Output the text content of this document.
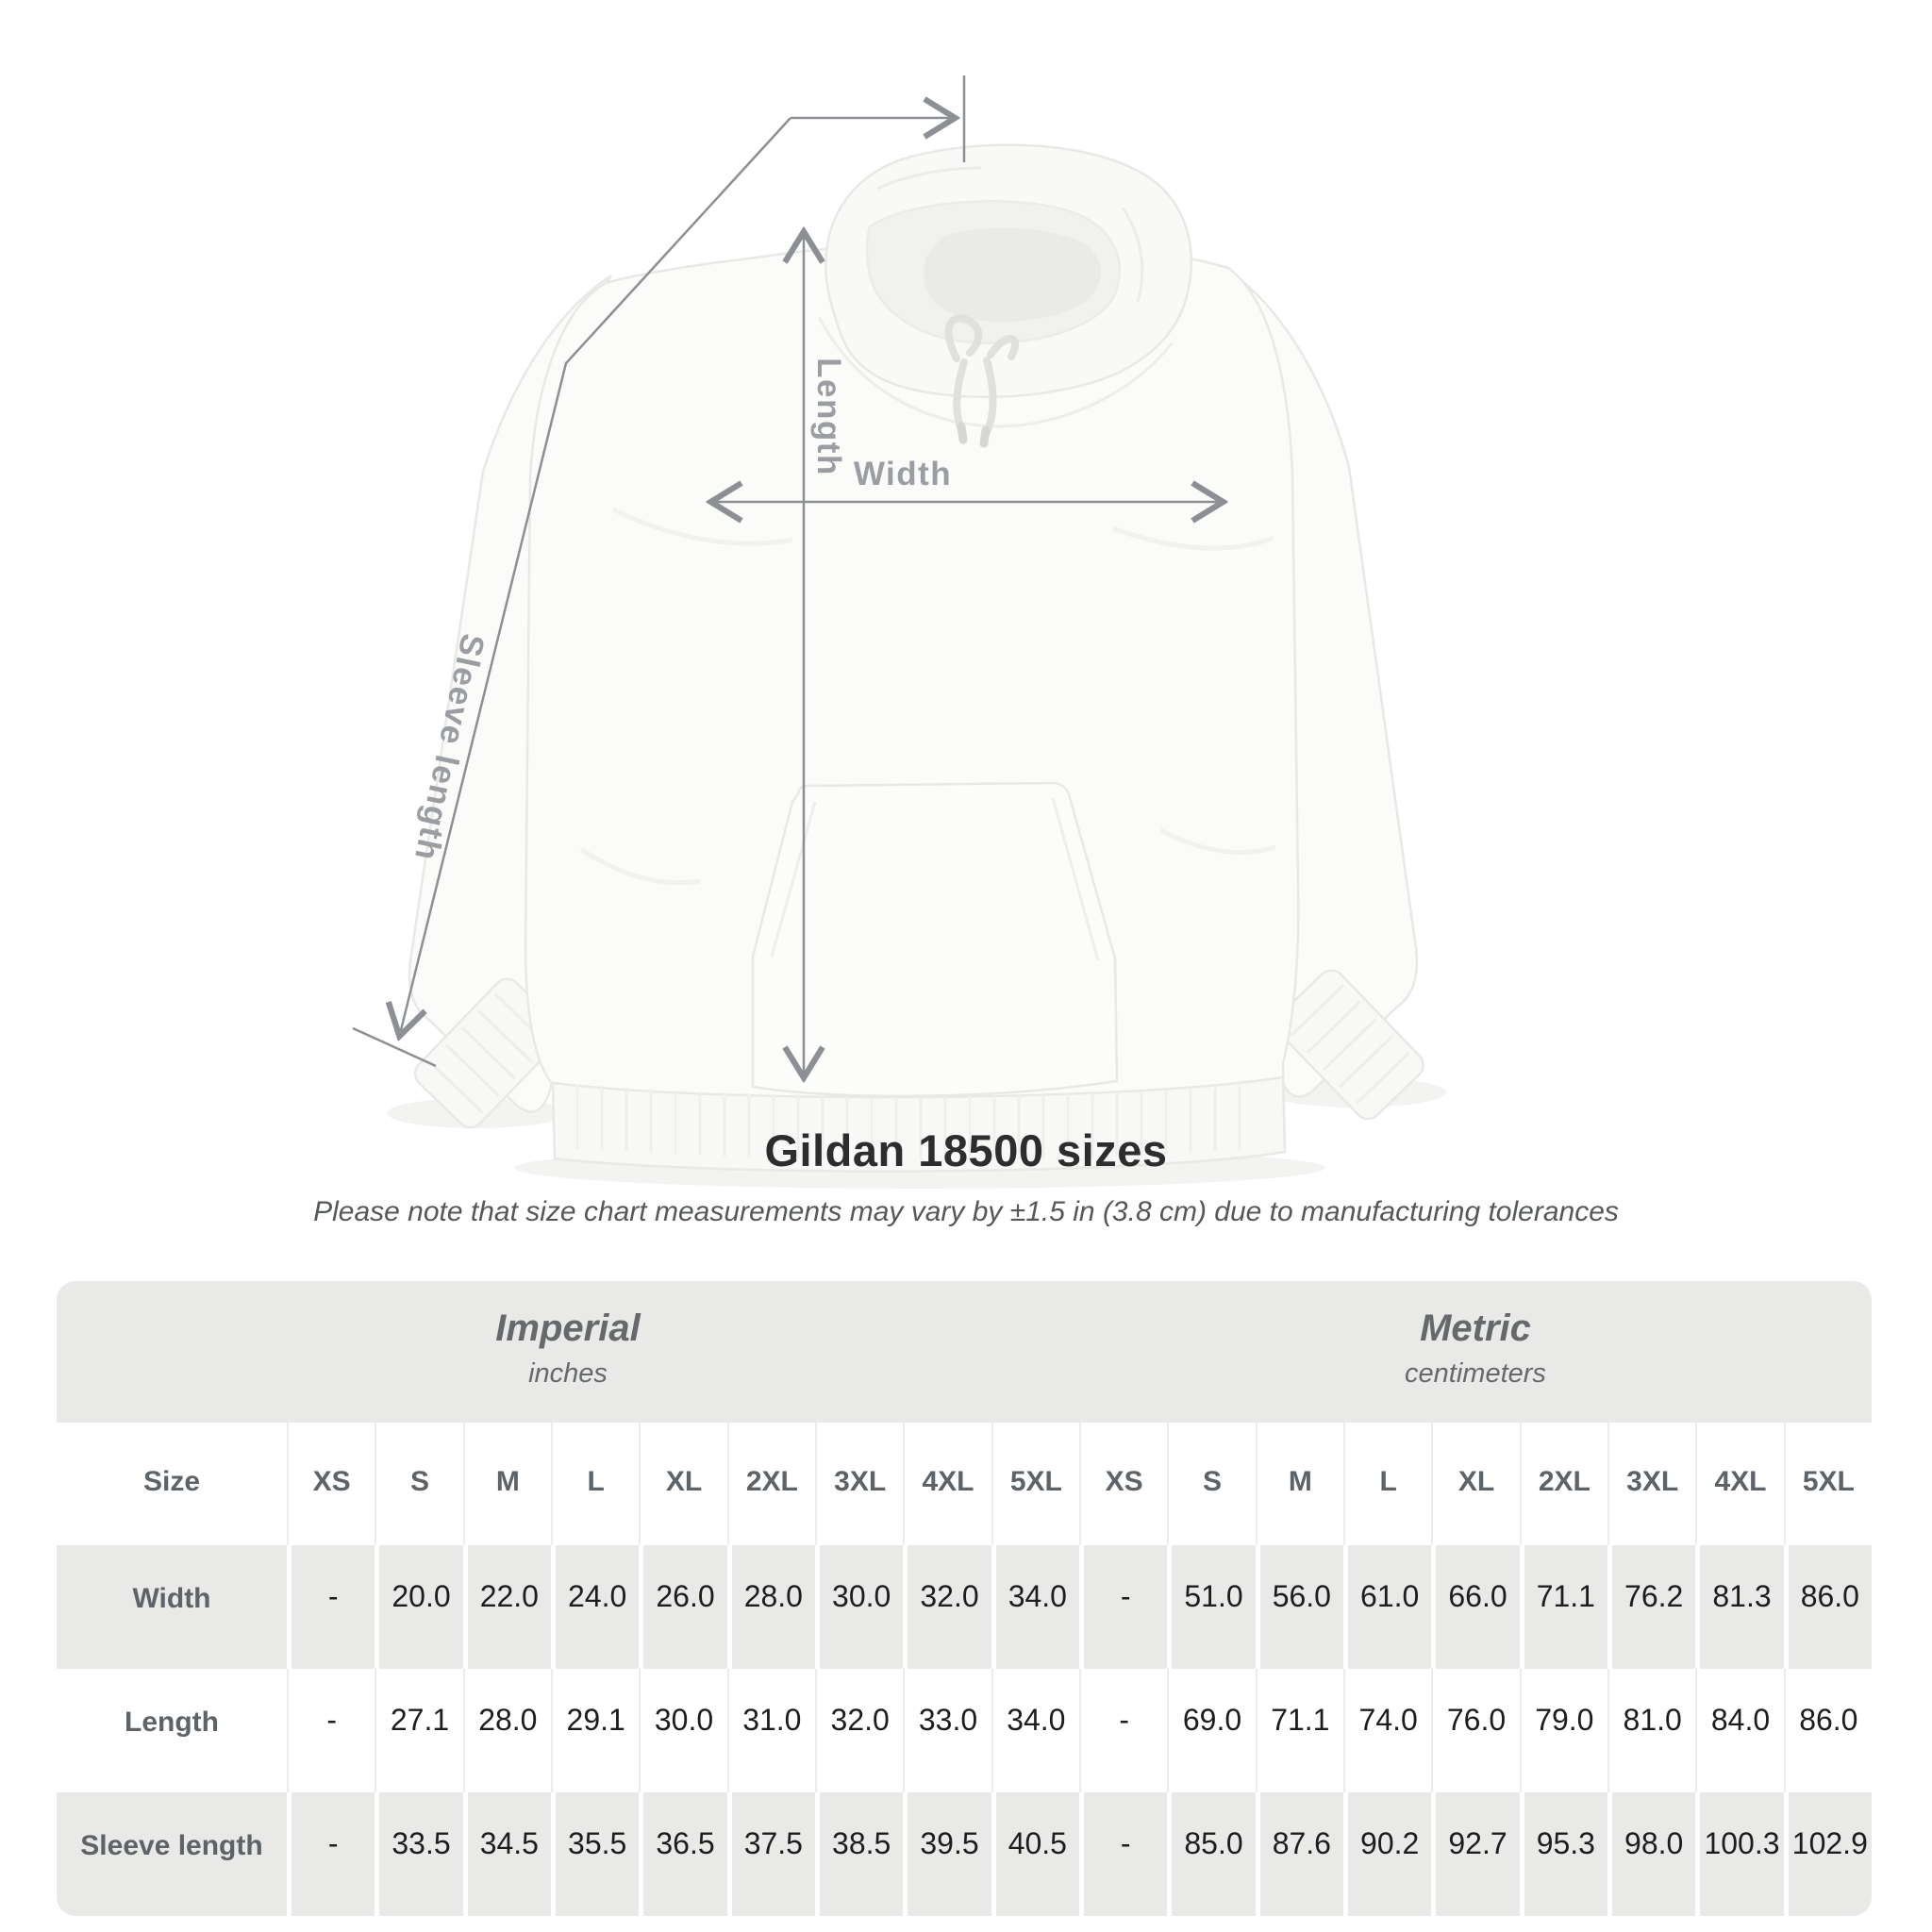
Length Width
Sleeve length
Gildan 18500 sizes
Please note that size chart measurements may vary by ±1.5 in (3.8 cm) due to manufacturing tolerances
Imperial
inches
Metric
centimeters
Size	XS	S	M	L	XL	2XL	3XL	4XL	5XL	XS	S	M	L	XL	2XL	3XL	4XL	5XL
Width	-	20.0 22.0 24.0 26.0 28.0 30.0 32.0 34.0	-	51.0 56.0 61.0 66.0 71.1 76.2 81.3 86.0
Length	-	27.1 28.0 29.1 30.0 31.0 32.0 33.0 34.0	-	69.0 71.1 74.0 76.0 79.0 81.0 84.0 86.0
Sleeve length	-	33.5 34.5 35.5 36.5 37.5 38.5 39.5 40.5	-	85.0 87.6 90.2 92.7 95.3 98.0 100.3 102.9
